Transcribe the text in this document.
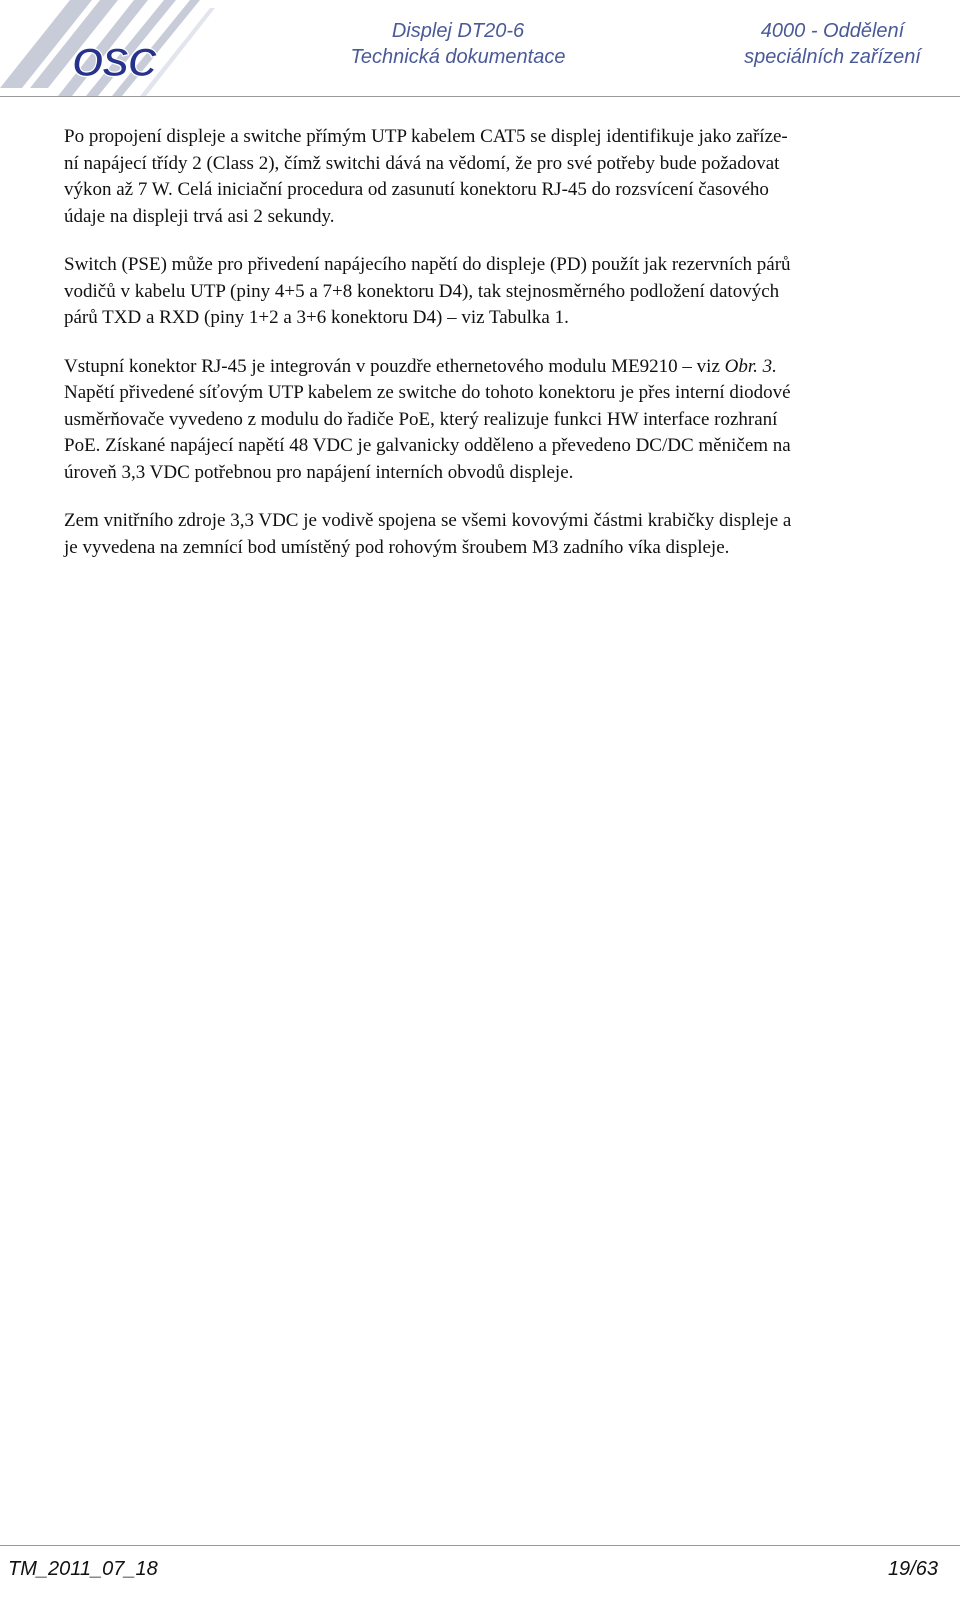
OSC
Displej DT20-6
Technická dokumentace
4000 - Oddělení
speciálních zařízení

Po propojení displeje a switche přímým UTP kabelem CAT5 se displej identifikuje jako zaříze-
ní napájecí třídy 2 (Class 2), čímž switchi dává na vědomí, že pro své potřeby bude požadovat
výkon až 7 W. Celá iniciační procedura od zasunutí konektoru RJ-45 do rozsvícení časového
údaje na displeji trvá asi 2 sekundy.

Switch (PSE) může pro přivedení napájecího napětí do displeje (PD) použít jak rezervních párů
vodičů v kabelu UTP (piny 4+5 a 7+8 konektoru D4), tak stejnosměrného podložení datových
párů TXD a RXD (piny 1+2 a 3+6 konektoru D4) – viz Tabulka 1.

Vstupní konektor RJ-45 je integrován v pouzdře ethernetového modulu ME9210 – viz Obr. 3.
Napětí přivedené síťovým UTP kabelem ze switche do tohoto konektoru je přes interní diodové
usměrňovače vyvedeno z modulu do řadiče PoE, který realizuje funkci HW interface rozhraní
PoE. Získané napájecí napětí 48 VDC je galvanicky odděleno a převedeno DC/DC měničem na
úroveň 3,3 VDC potřebnou pro napájení interních obvodů displeje.

Zem vnitřního zdroje 3,3 VDC je vodivě spojena se všemi kovovými částmi krabičky displeje a
je vyvedena na zemnící bod umístěný pod rohovým šroubem M3 zadního víka displeje.

TM_2011_07_18	19/63
